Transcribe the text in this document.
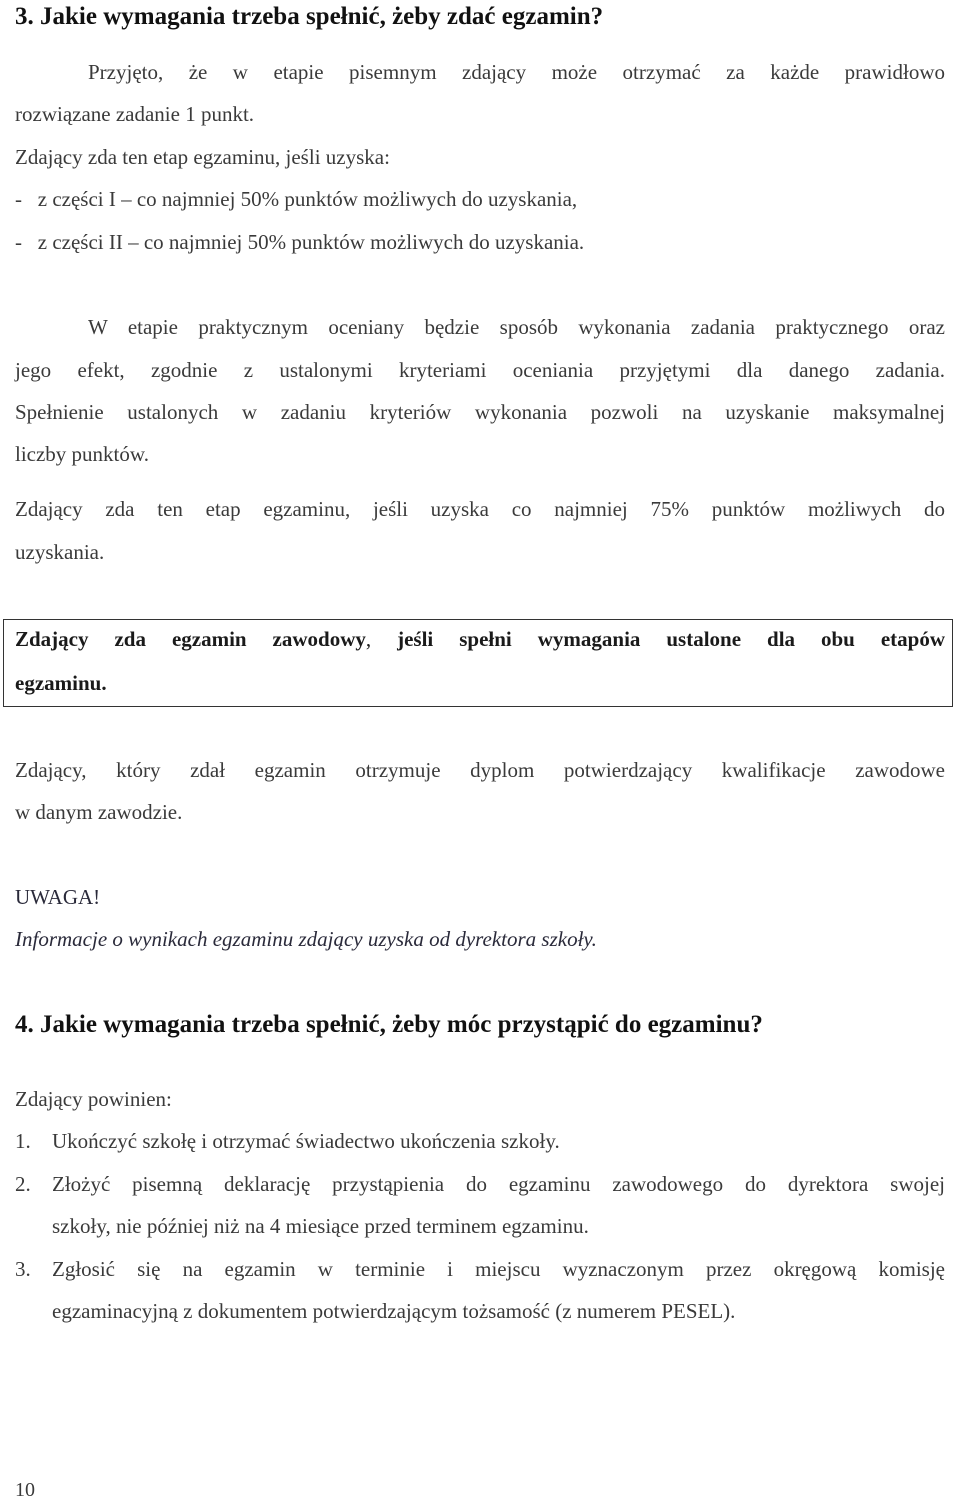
3. Jakie wymagania trzeba spełnić, żeby zdać egzamin?
Przyjęto, że w etapie pisemnym zdający może otrzymać za każde prawidłowo
rozwiązane zadanie 1 punkt.
Zdający zda ten etap egzaminu, jeśli uzyska:
-   z części I – co najmniej 50% punktów możliwych do uzyskania,
-   z części II – co najmniej 50% punktów możliwych do uzyskania.
W etapie praktycznym oceniany będzie sposób wykonania zadania praktycznego oraz
jego efekt, zgodnie z ustalonymi kryteriami oceniania przyjętymi dla danego zadania.
Spełnienie ustalonych w zadaniu kryteriów wykonania pozwoli na uzyskanie maksymalnej
liczby punktów.
Zdający zda ten etap egzaminu, jeśli uzyska co najmniej 75% punktów możliwych do
uzyskania.
Zdający zda egzamin zawodowy, jeśli spełni wymagania ustalone dla obu etapów
egzaminu.
Zdający, który zdał egzamin otrzymuje dyplom potwierdzający kwalifikacje zawodowe
w danym zawodzie.
UWAGA!
Informacje o wynikach egzaminu zdający uzyska od dyrektora szkoły.
4. Jakie wymagania trzeba spełnić, żeby móc przystąpić do egzaminu?
Zdający powinien:
1. Ukończyć szkołę i otrzymać świadectwo ukończenia szkoły.
2. Złożyć pisemną deklarację przystąpienia do egzaminu zawodowego do dyrektora swojej
szkoły, nie później niż na 4 miesiące przed terminem egzaminu.
3. Zgłosić się na egzamin w terminie i miejscu wyznaczonym przez okręgową komisję
egzaminacyjną z dokumentem potwierdzającym tożsamość (z numerem PESEL).
10
